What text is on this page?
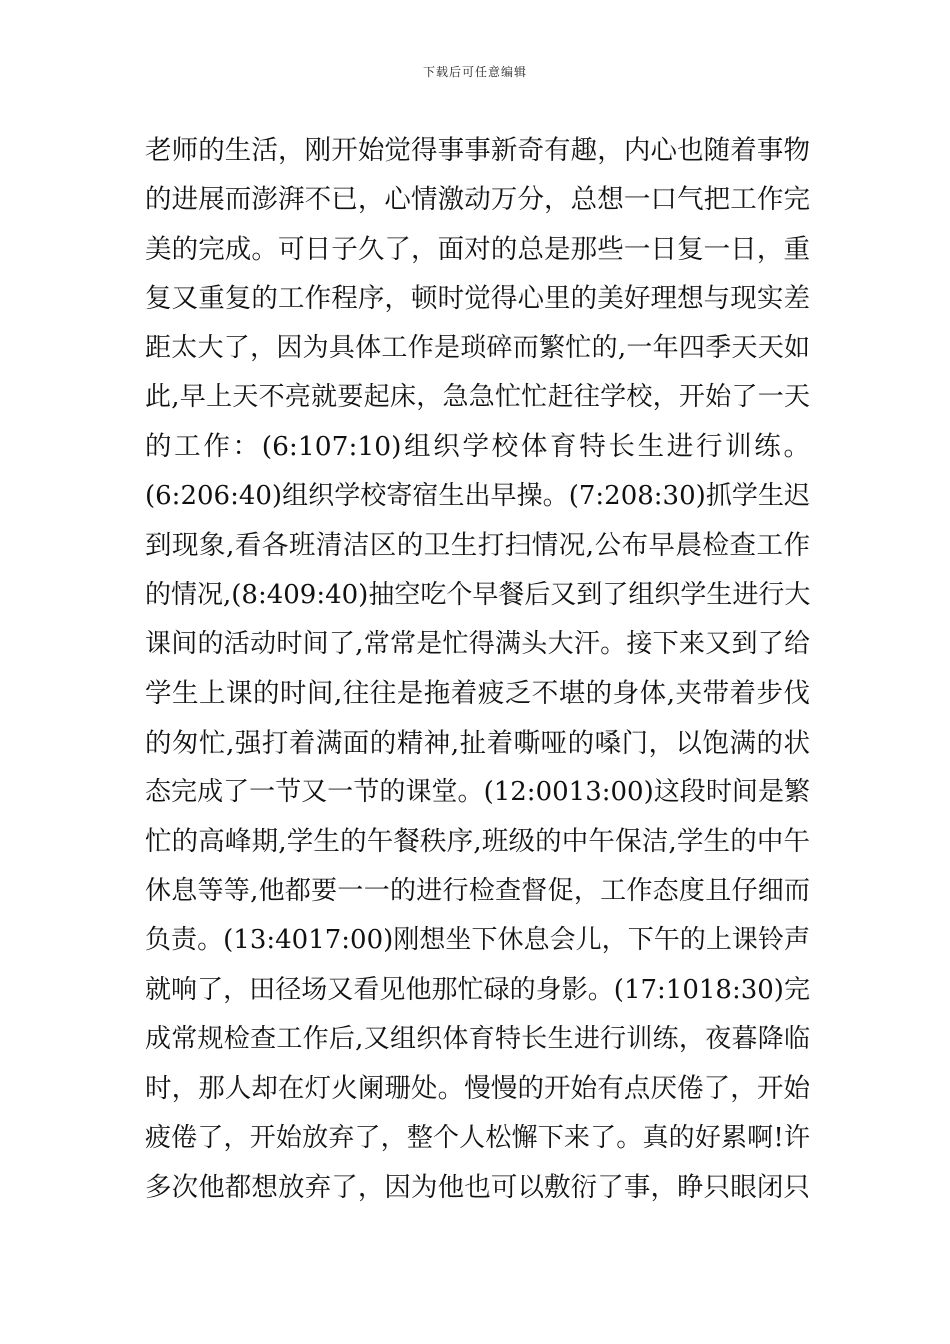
下载后可任意编辑
老师的生活，刚开始觉得事事新奇有趣，内心也随着事物
的进展而澎湃不已，心情激动万分，总想一口气把工作完
美的完成。可日子久了，面对的总是那些一日复一日，重
复又重复的工作程序，顿时觉得心里的美好理想与现实差
距太大了，因为具体工作是琐碎而繁忙的,一年四季天天如
此,早上天不亮就要起床，急急忙忙赶往学校，开始了一天
的工作：(6:107:10)组织学校体育特长生进行训练。
(6:206:40)组织学校寄宿生出早操。(7:208:30)抓学生迟
到现象,看各班清洁区的卫生打扫情况,公布早晨检查工作
的情况,(8:409:40)抽空吃个早餐后又到了组织学生进行大
课间的活动时间了,常常是忙得满头大汗。接下来又到了给
学生上课的时间,往往是拖着疲乏不堪的身体,夹带着步伐
的匆忙,强打着满面的精神,扯着嘶哑的嗓门，以饱满的状
态完成了一节又一节的课堂。(12:0013:00)这段时间是繁
忙的高峰期,学生的午餐秩序,班级的中午保洁,学生的中午
休息等等,他都要一一的进行检查督促，工作态度且仔细而
负责。(13:4017:00)刚想坐下休息会儿，下午的上课铃声
就响了，田径场又看见他那忙碌的身影。(17:1018:30)完
成常规检查工作后,又组织体育特长生进行训练，夜暮降临
时，那人却在灯火阑珊处。慢慢的开始有点厌倦了，开始
疲倦了，开始放弃了，整个人松懈下来了。真的好累啊!许
多次他都想放弃了，因为他也可以敷衍了事，睁只眼闭只
